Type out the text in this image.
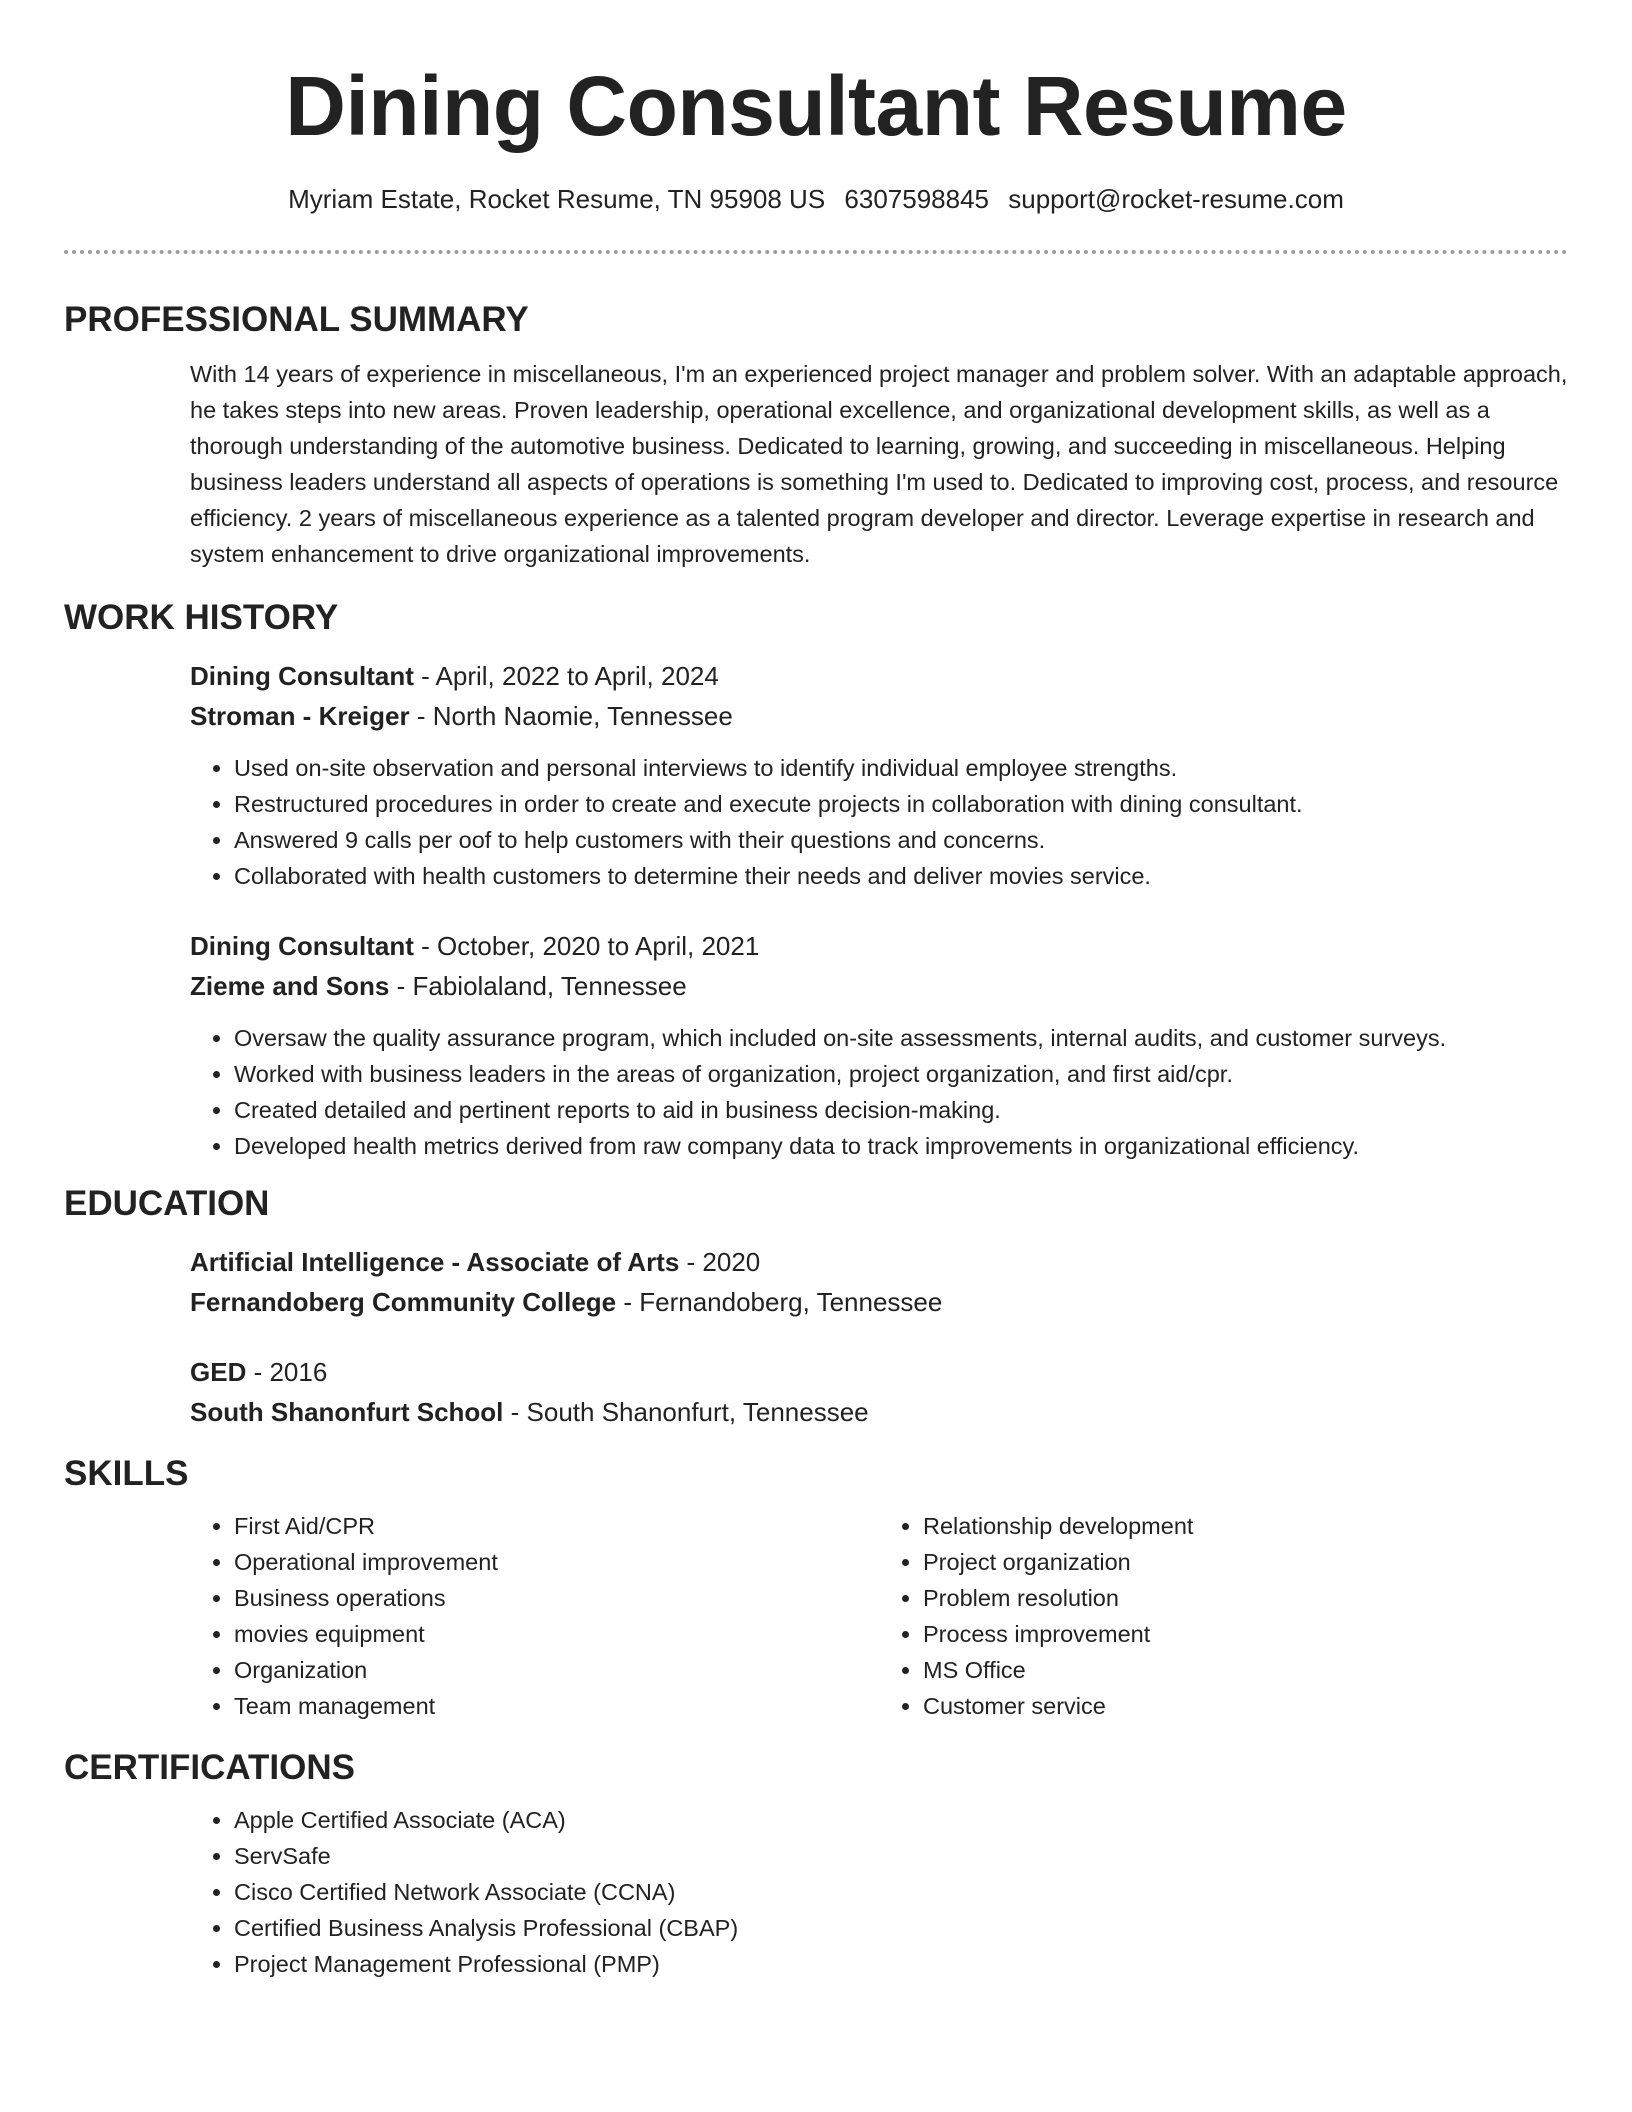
Dining Consultant Resume
Myriam Estate, Rocket Resume, TN 95908 US 6307598845 support@rocket-resume.com
PROFESSIONAL SUMMARY

With 14 years of experience in miscellaneous, I'm an experienced project manager and problem solver. With an adaptable approach, he takes steps into new areas. Proven leadership, operational excellence, and organizational development skills, as well as a thorough understanding of the automotive business. Dedicated to learning, growing, and succeeding in miscellaneous. Helping business leaders understand all aspects of operations is something I'm used to. Dedicated to improving cost, process, and resource efficiency. 2 years of miscellaneous experience as a talented program developer and director. Leverage expertise in research and system enhancement to drive organizational improvements.

WORK HISTORY
Dining Consultant - April, 2022 to April, 2024
Stroman - Kreiger - North Naomie, Tennessee
• Used on-site observation and personal interviews to identify individual employee strengths.
• Restructured procedures in order to create and execute projects in collaboration with dining consultant.
• Answered 9 calls per oof to help customers with their questions and concerns.
• Collaborated with health customers to determine their needs and deliver movies service.
Dining Consultant - October, 2020 to April, 2021
Zieme and Sons - Fabiolaland, Tennessee
• Oversaw the quality assurance program, which included on-site assessments, internal audits, and customer surveys.
• Worked with business leaders in the areas of organization, project organization, and first aid/cpr.
• Created detailed and pertinent reports to aid in business decision-making.
• Developed health metrics derived from raw company data to track improvements in organizational efficiency.
EDUCATION
Artificial Intelligence - Associate of Arts - 2020
Fernandoberg Community College - Fernandoberg, Tennessee
GED - 2016
South Shanonfurt School - South Shanonfurt, Tennessee
SKILLS
• First Aid/CPR
• Operational improvement
• Business operations
• movies equipment
• Organization
• Team management
• Relationship development
• Project organization
• Problem resolution
• Process improvement
• MS Office
• Customer service
CERTIFICATIONS
• Apple Certified Associate (ACA)
• ServSafe
• Cisco Certified Network Associate (CCNA)
• Certified Business Analysis Professional (CBAP)
• Project Management Professional (PMP)
